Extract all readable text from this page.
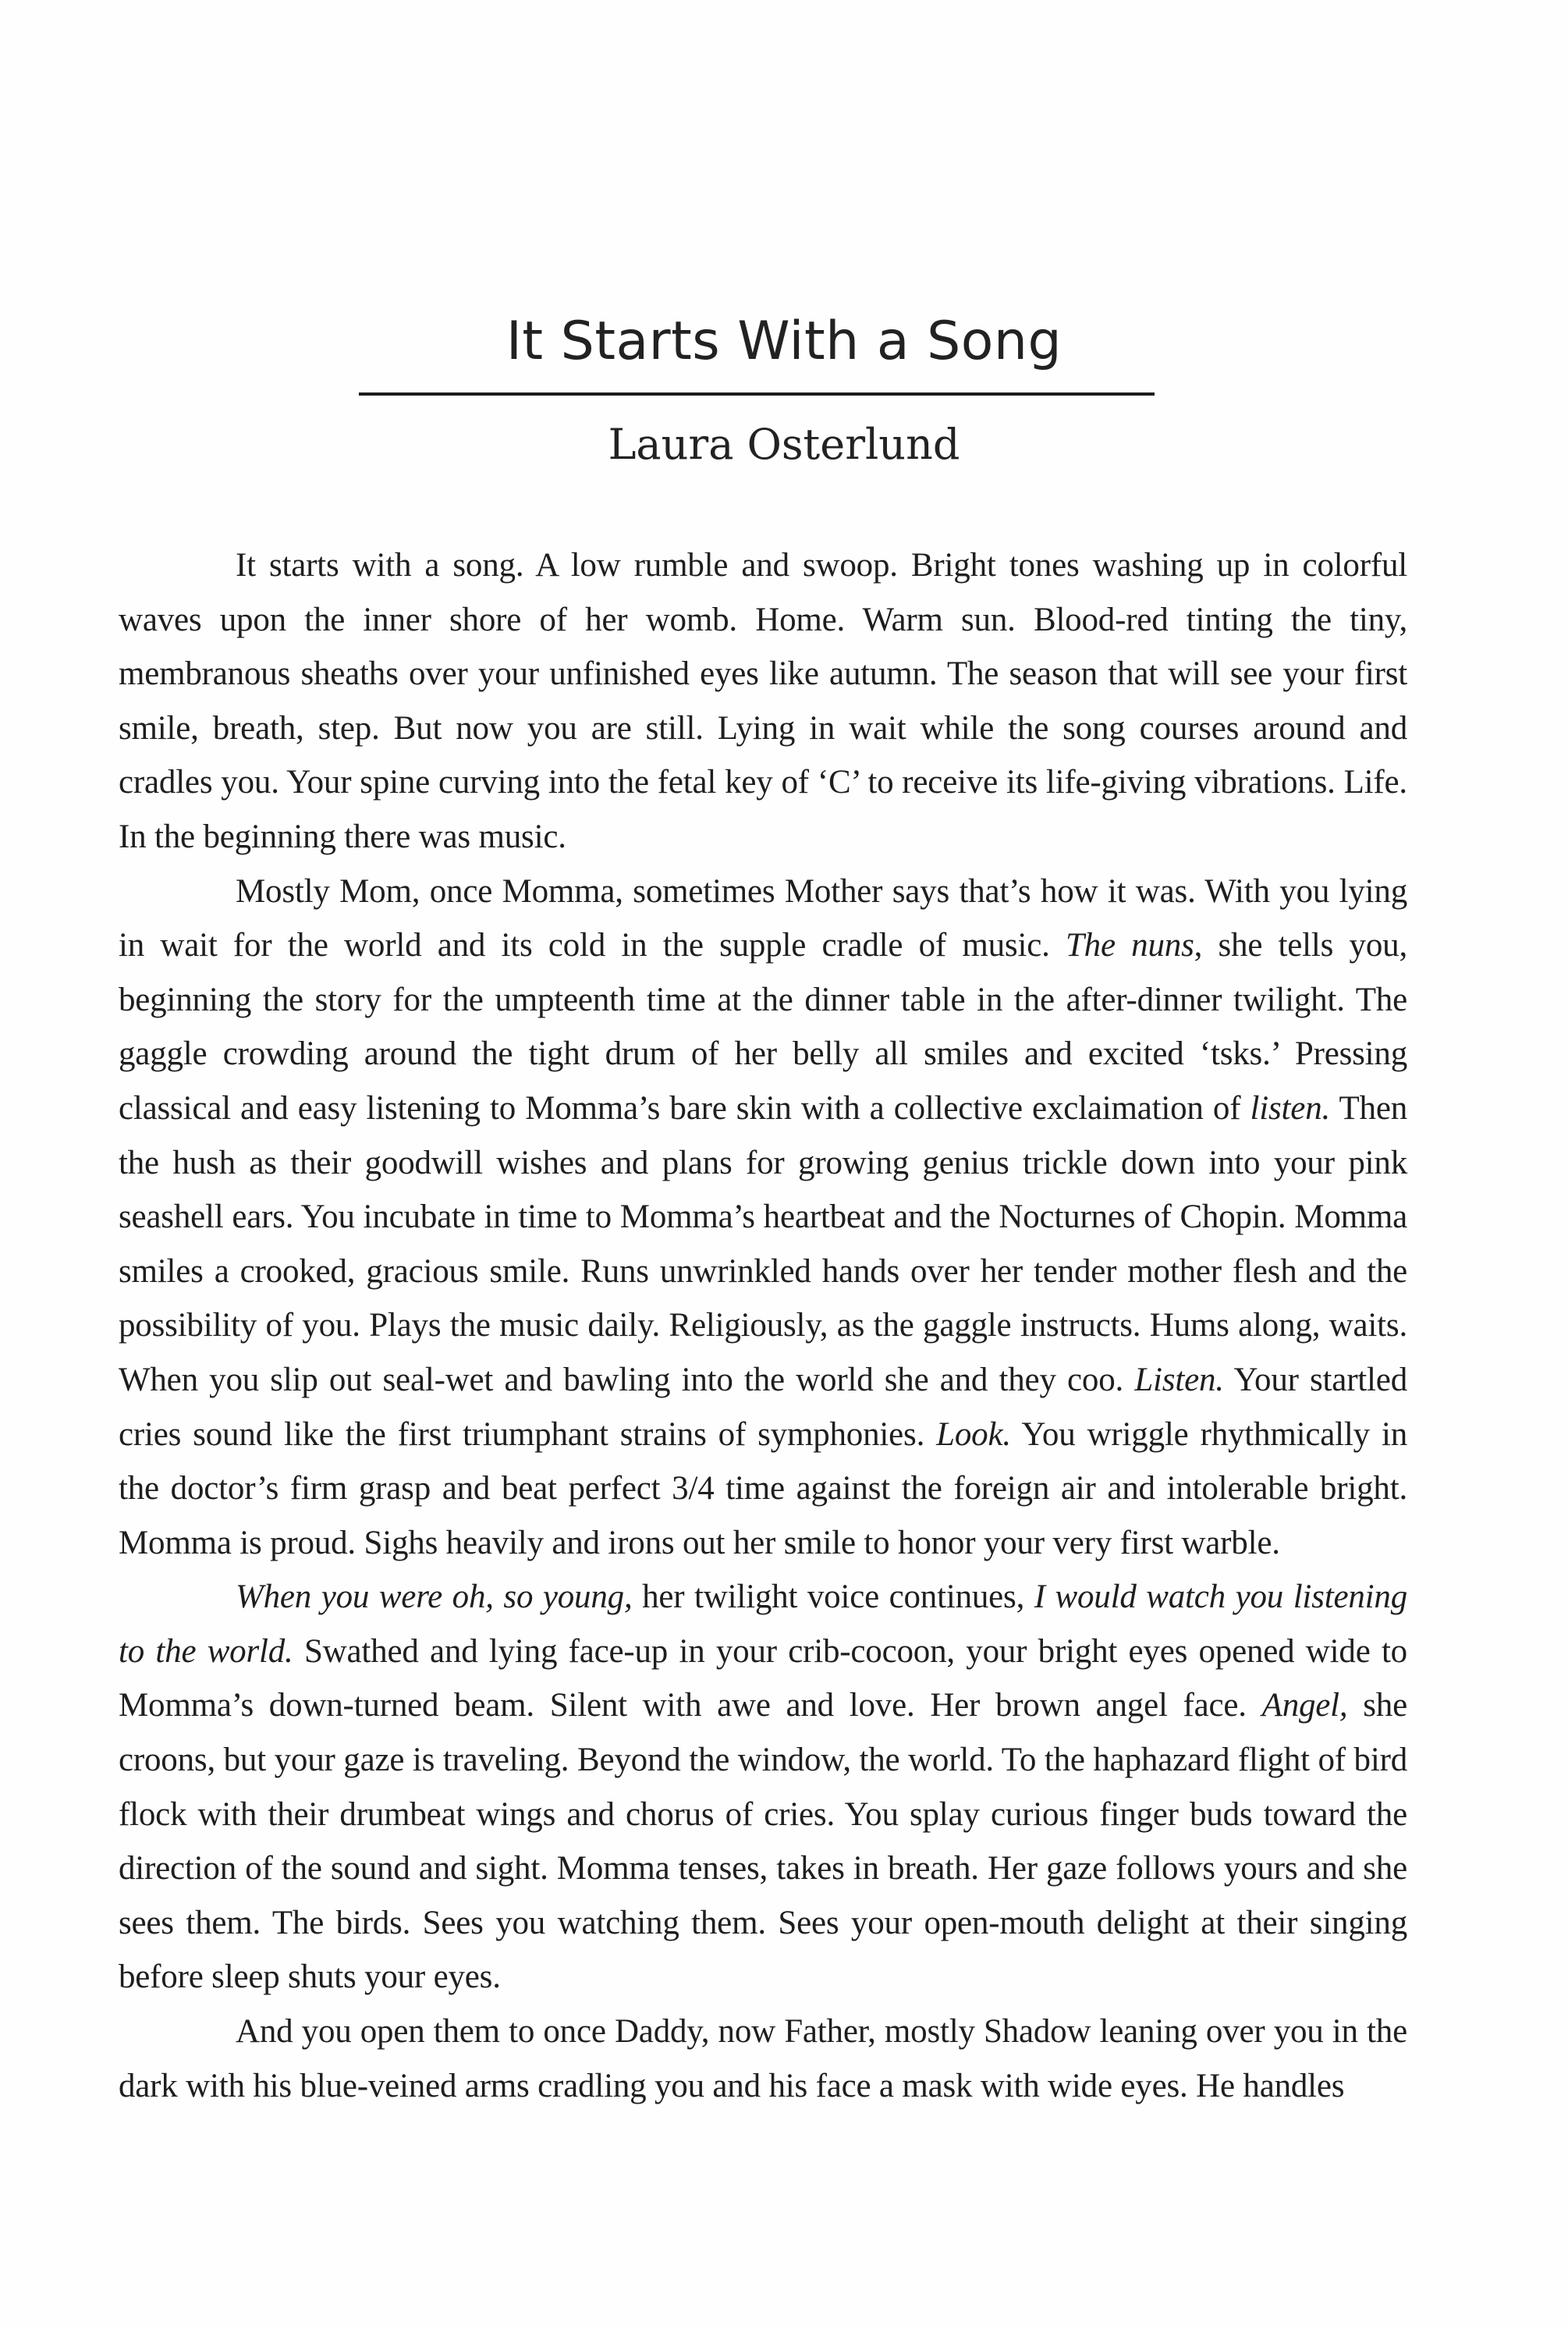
It Starts With a Song
Laura Osterlund

It starts with a song. A low rumble and swoop. Bright tones washing up in colorful waves upon the inner shore of her womb. Home. Warm sun. Blood-red tinting the tiny, membranous sheaths over your unfinished eyes like autumn. The season that will see your first smile, breath, step. But now you are still. Lying in wait while the song courses around and cradles you. Your spine curving into the fetal key of ‘C’ to receive its life-giving vibrations. Life. In the beginning there was music.

Mostly Mom, once Momma, sometimes Mother says that’s how it was. With you lying in wait for the world and its cold in the supple cradle of music. The nuns, she tells you, beginning the story for the umpteenth time at the dinner table in the after-dinner twilight. The gaggle crowding around the tight drum of her belly all smiles and excited ‘tsks.’ Pressing classical and easy listening to Momma’s bare skin with a collective exclaimation of listen. Then the hush as their goodwill wishes and plans for growing genius trickle down into your pink seashell ears. You incubate in time to Momma’s heartbeat and the Nocturnes of Chopin. Momma smiles a crooked, gracious smile. Runs unwrinkled hands over her tender mother flesh and the possibility of you. Plays the music daily. Religiously, as the gaggle instructs. Hums along, waits. When you slip out seal-wet and bawling into the world she and they coo. Listen. Your startled cries sound like the first triumphant strains of symphonies. Look. You wriggle rhythmically in the doctor’s firm grasp and beat perfect 3/4 time against the foreign air and intolerable bright. Momma is proud. Sighs heavily and irons out her smile to honor your very first warble.

When you were oh, so young, her twilight voice continues, I would watch you listening to the world. Swathed and lying face-up in your crib-cocoon, your bright eyes opened wide to Momma’s down-turned beam. Silent with awe and love. Her brown angel face. Angel, she croons, but your gaze is traveling. Beyond the window, the world. To the haphazard flight of bird flock with their drumbeat wings and chorus of cries. You splay curious finger buds toward the direction of the sound and sight. Momma tenses, takes in breath. Her gaze follows yours and she sees them. The birds. Sees you watching them. Sees your open-mouth delight at their singing before sleep shuts your eyes.

And you open them to once Daddy, now Father, mostly Shadow leaning over you in the dark with his blue-veined arms cradling you and his face a mask with wide eyes. He handles
